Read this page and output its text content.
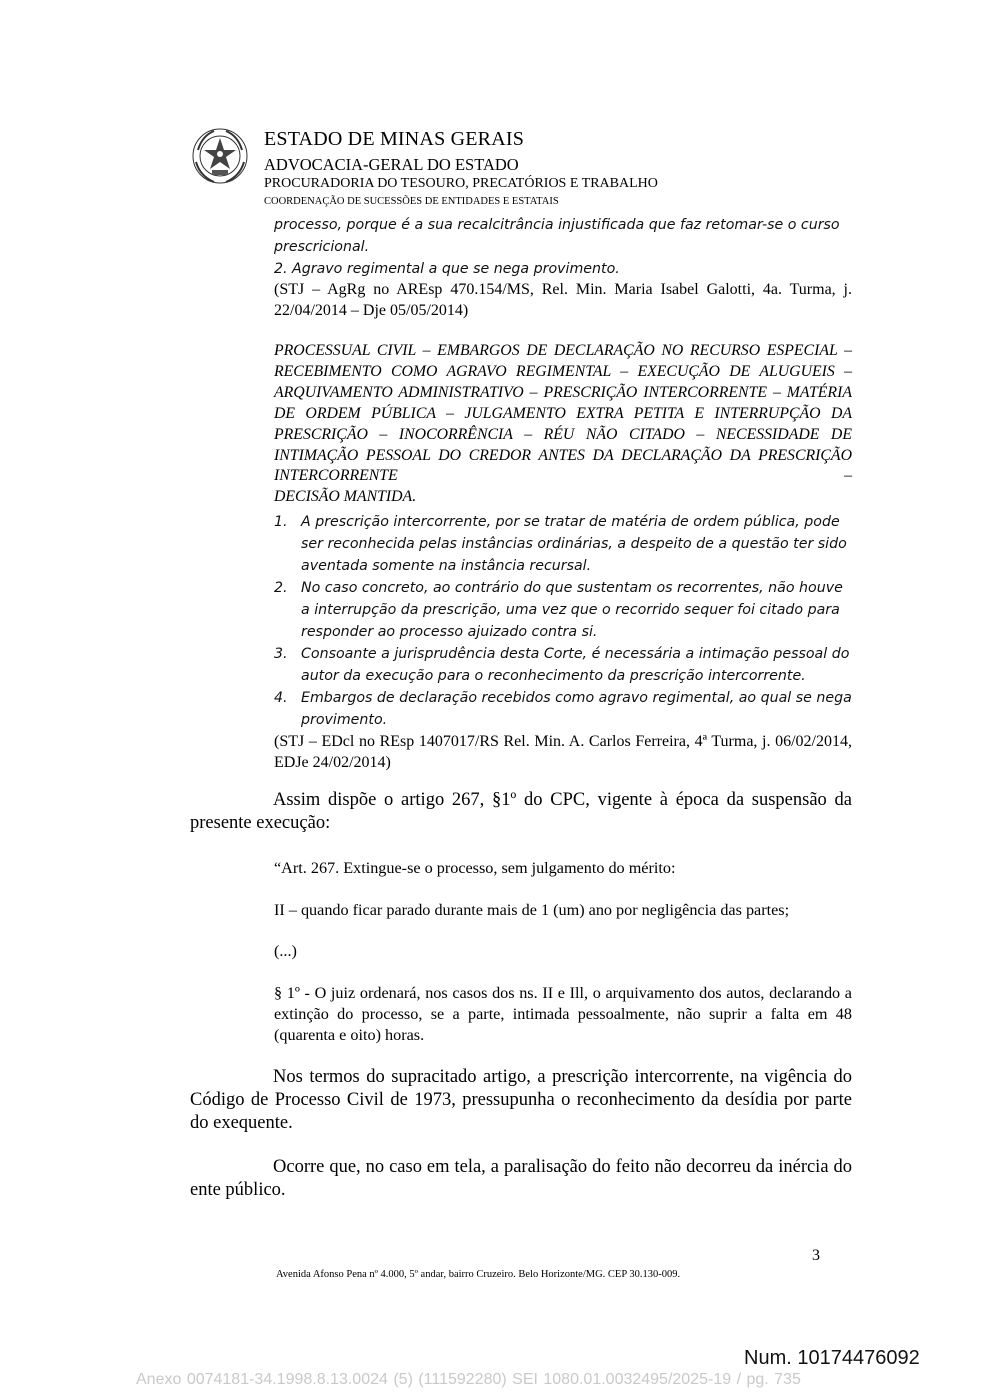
ESTADO DE MINAS GERAIS
ADVOCACIA-GERAL DO ESTADO
PROCURADORIA DO TESOURO, PRECATÓRIOS E TRABALHO
COORDENAÇÃO DE SUCESSÕES DE ENTIDADES E ESTATAIS

processo, porque é a sua recalcitrância injustificada que faz retomar-se o curso prescricional.

2. Agravo regimental a que se nega provimento.

(STJ – AgRg no AREsp 470.154/MS, Rel. Min. Maria Isabel Galotti, 4a. Turma, j. 22/04/2014 – Dje 05/05/2014)

PROCESSUAL CIVIL – EMBARGOS DE DECLARAÇÃO NO RECURSO ESPECIAL – RECEBIMENTO COMO AGRAVO REGIMENTAL – EXECUÇÃO DE ALUGUEIS – ARQUIVAMENTO ADMINISTRATIVO – PRESCRIÇÃO INTERCORRENTE – MATÉRIA DE ORDEM PÚBLICA – JULGAMENTO EXTRA PETITA E INTERRUPÇÃO DA PRESCRIÇÃO – INOCORRÊNCIA – RÉU NÃO CITADO – NECESSIDADE DE INTIMAÇÃO PESSOAL DO CREDOR ANTES DA DECLARAÇÃO DA PRESCRIÇÃO INTERCORRENTE –
DECISÃO MANTIDA.

1. A prescrição intercorrente, por se tratar de matéria de ordem pública, pode ser reconhecida pelas instâncias ordinárias, a despeito de a questão ter sido aventada somente na instância recursal.
2. No caso concreto, ao contrário do que sustentam os recorrentes, não houve a interrupção da prescrição, uma vez que o recorrido sequer foi citado para responder ao processo ajuizado contra si.
3. Consoante a jurisprudência desta Corte, é necessária a intimação pessoal do autor da execução para o reconhecimento da prescrição intercorrente.
4. Embargos de declaração recebidos como agravo regimental, ao qual se nega provimento.

(STJ – EDcl no REsp 1407017/RS Rel. Min. A. Carlos Ferreira, 4ª Turma, j. 06/02/2014, EDJe 24/02/2014)

Assim dispõe o artigo 267, §1º do CPC, vigente à época da suspensão da presente execução:

“Art. 267. Extingue-se o processo, sem julgamento do mérito:

II – quando ficar parado durante mais de 1 (um) ano por negligência das partes;

(...)

§ 1º - O juiz ordenará, nos casos dos ns. II e Ill, o arquivamento dos autos, declarando a extinção do processo, se a parte, intimada pessoalmente, não suprir a falta em 48 (quarenta e oito) horas.

Nos termos do supracitado artigo, a prescrição intercorrente, na vigência do Código de Processo Civil de 1973, pressupunha o reconhecimento da desídia por parte do exequente.

Ocorre que, no caso em tela, a paralisação do feito não decorreu da inércia do ente público.

3
Avenida Afonso Pena nº 4.000, 5º andar, bairro Cruzeiro. Belo Horizonte/MG. CEP 30.130-009.
Num. 10174476092
Anexo 0074181-34.1998.8.13.0024 (5) (111592280) SEI 1080.01.0032495/2025-19 / pg. 735
